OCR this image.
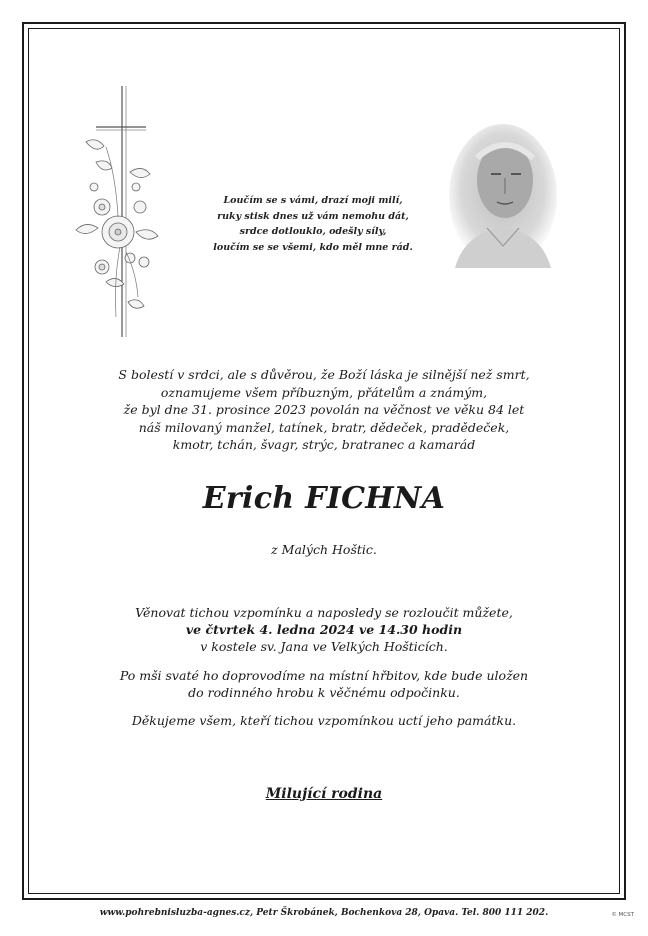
Loučím se s vámi, drazí moji milí,
ruky stisk dnes už vám nemohu dát,
srdce dotlouklo, odešly síly,
loučím se se všemi, kdo měl mne rád.
S bolestí v srdci, ale s důvěrou, že Boží láska je silnější než smrt,
oznamujeme všem příbuzným, přátelům a známým,
že byl dne 31. prosince 2023 povolán na věčnost ve věku 84 let
náš milovaný manžel, tatínek, bratr, dědeček, pradědeček,
kmotr, tchán, švagr, strýc, bratranec a kamarád
Erich FICHNA
z Malých Hoštic.
Věnovat tichou vzpomínku a naposledy se rozloučit můžete,
ve čtvrtek 4. ledna 2024 ve 14.30 hodin
v kostele sv. Jana ve Velkých Hošticích.
Po mši svaté ho doprovodíme na místní hřbitov, kde bude uložen
do rodinného hrobu k věčnému odpočinku.
Děkujeme všem, kteří tichou vzpomínkou uctí jeho památku.
Milující rodina
www.pohrebnisluzba-agnes.cz, Petr Škrobánek, Bochenkova 28, Opava. Tel. 800 111 202.	© MCST
